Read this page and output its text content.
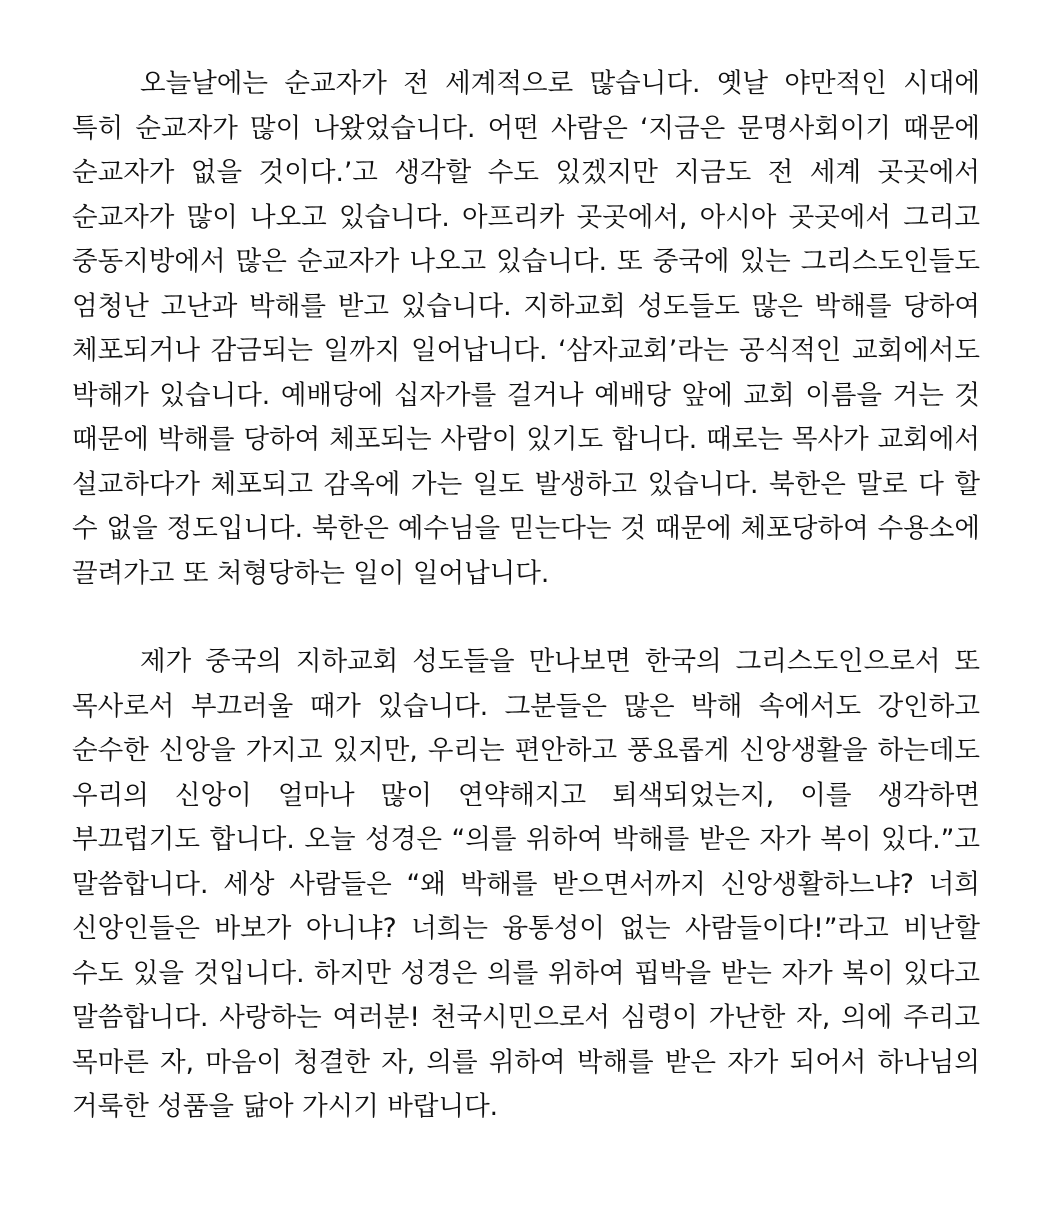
오늘날에는 순교자가 전 세계적으로 많습니다. 옛날 야만적인 시대에 특히 순교자가 많이 나왔었습니다. 어떤 사람은 ‘지금은 문명사회이기 때문에 순교자가 없을 것이다.’고 생각할 수도 있겠지만 지금도 전 세계 곳곳에서 순교자가 많이 나오고 있습니다. 아프리카 곳곳에서, 아시아 곳곳에서 그리고 중동지방에서 많은 순교자가 나오고 있습니다. 또 중국에 있는 그리스도인들도 엄청난 고난과 박해를 받고 있습니다. 지하교회 성도들도 많은 박해를 당하여 체포되거나 감금되는 일까지 일어납니다. ‘삼자교회’라는 공식적인 교회에서도 박해가 있습니다. 예배당에 십자가를 걸거나 예배당 앞에 교회 이름을 거는 것 때문에 박해를 당하여 체포되는 사람이 있기도 합니다. 때로는 목사가 교회에서 설교하다가 체포되고 감옥에 가는 일도 발생하고 있습니다. 북한은 말로 다 할 수 없을 정도입니다. 북한은 예수님을 믿는다는 것 때문에 체포당하여 수용소에 끌려가고 또 처형당하는 일이 일어납니다.

제가 중국의 지하교회 성도들을 만나보면 한국의 그리스도인으로서 또 목사로서 부끄러울 때가 있습니다. 그분들은 많은 박해 속에서도 강인하고 순수한 신앙을 가지고 있지만, 우리는 편안하고 풍요롭게 신앙생활을 하는데도 우리의 신앙이 얼마나 많이 연약해지고 퇴색되었는지, 이를 생각하면 부끄럽기도 합니다. 오늘 성경은 “의를 위하여 박해를 받은 자가 복이 있다.”고 말씀합니다. 세상 사람들은 “왜 박해를 받으면서까지 신앙생활하느냐? 너희 신앙인들은 바보가 아니냐? 너희는 융통성이 없는 사람들이다!”라고 비난할 수도 있을 것입니다. 하지만 성경은 의를 위하여 핍박을 받는 자가 복이 있다고 말씀합니다. 사랑하는 여러분! 천국시민으로서 심령이 가난한 자, 의에 주리고 목마른 자, 마음이 청결한 자, 의를 위하여 박해를 받은 자가 되어서 하나님의 거룩한 성품을 닮아 가시기 바랍니다.
